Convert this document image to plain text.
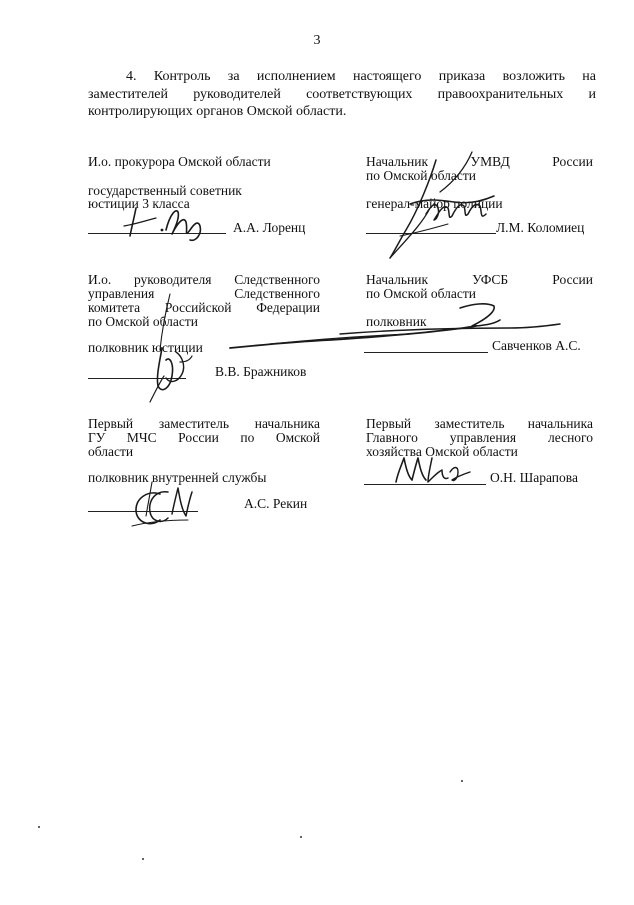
3
4. Контроль за исполнением настоящего приказа возложить на
заместителей руководителей соответствующих правоохранительных и
контролирующих органов Омской области.
И.о. прокурора Омской области
государственный советник
юстиции 3 класса
А.А. Лоренц
Начальник УМВД России
по Омской области
генерал-майор полиции
Л.М. Коломиец
И.о. руководителя Следственного
управления Следственного
комитета Российской Федерации
по Омской области
полковник юстиции
В.В. Бражников
Начальник УФСБ России
по Омской области
полковник
Савченков А.С.
Первый заместитель начальника
ГУ МЧС России по Омской
области
полковник внутренней службы
А.С. Рекин
Первый заместитель начальника
Главного управления лесного
хозяйства Омской области
О.Н. Шарапова
